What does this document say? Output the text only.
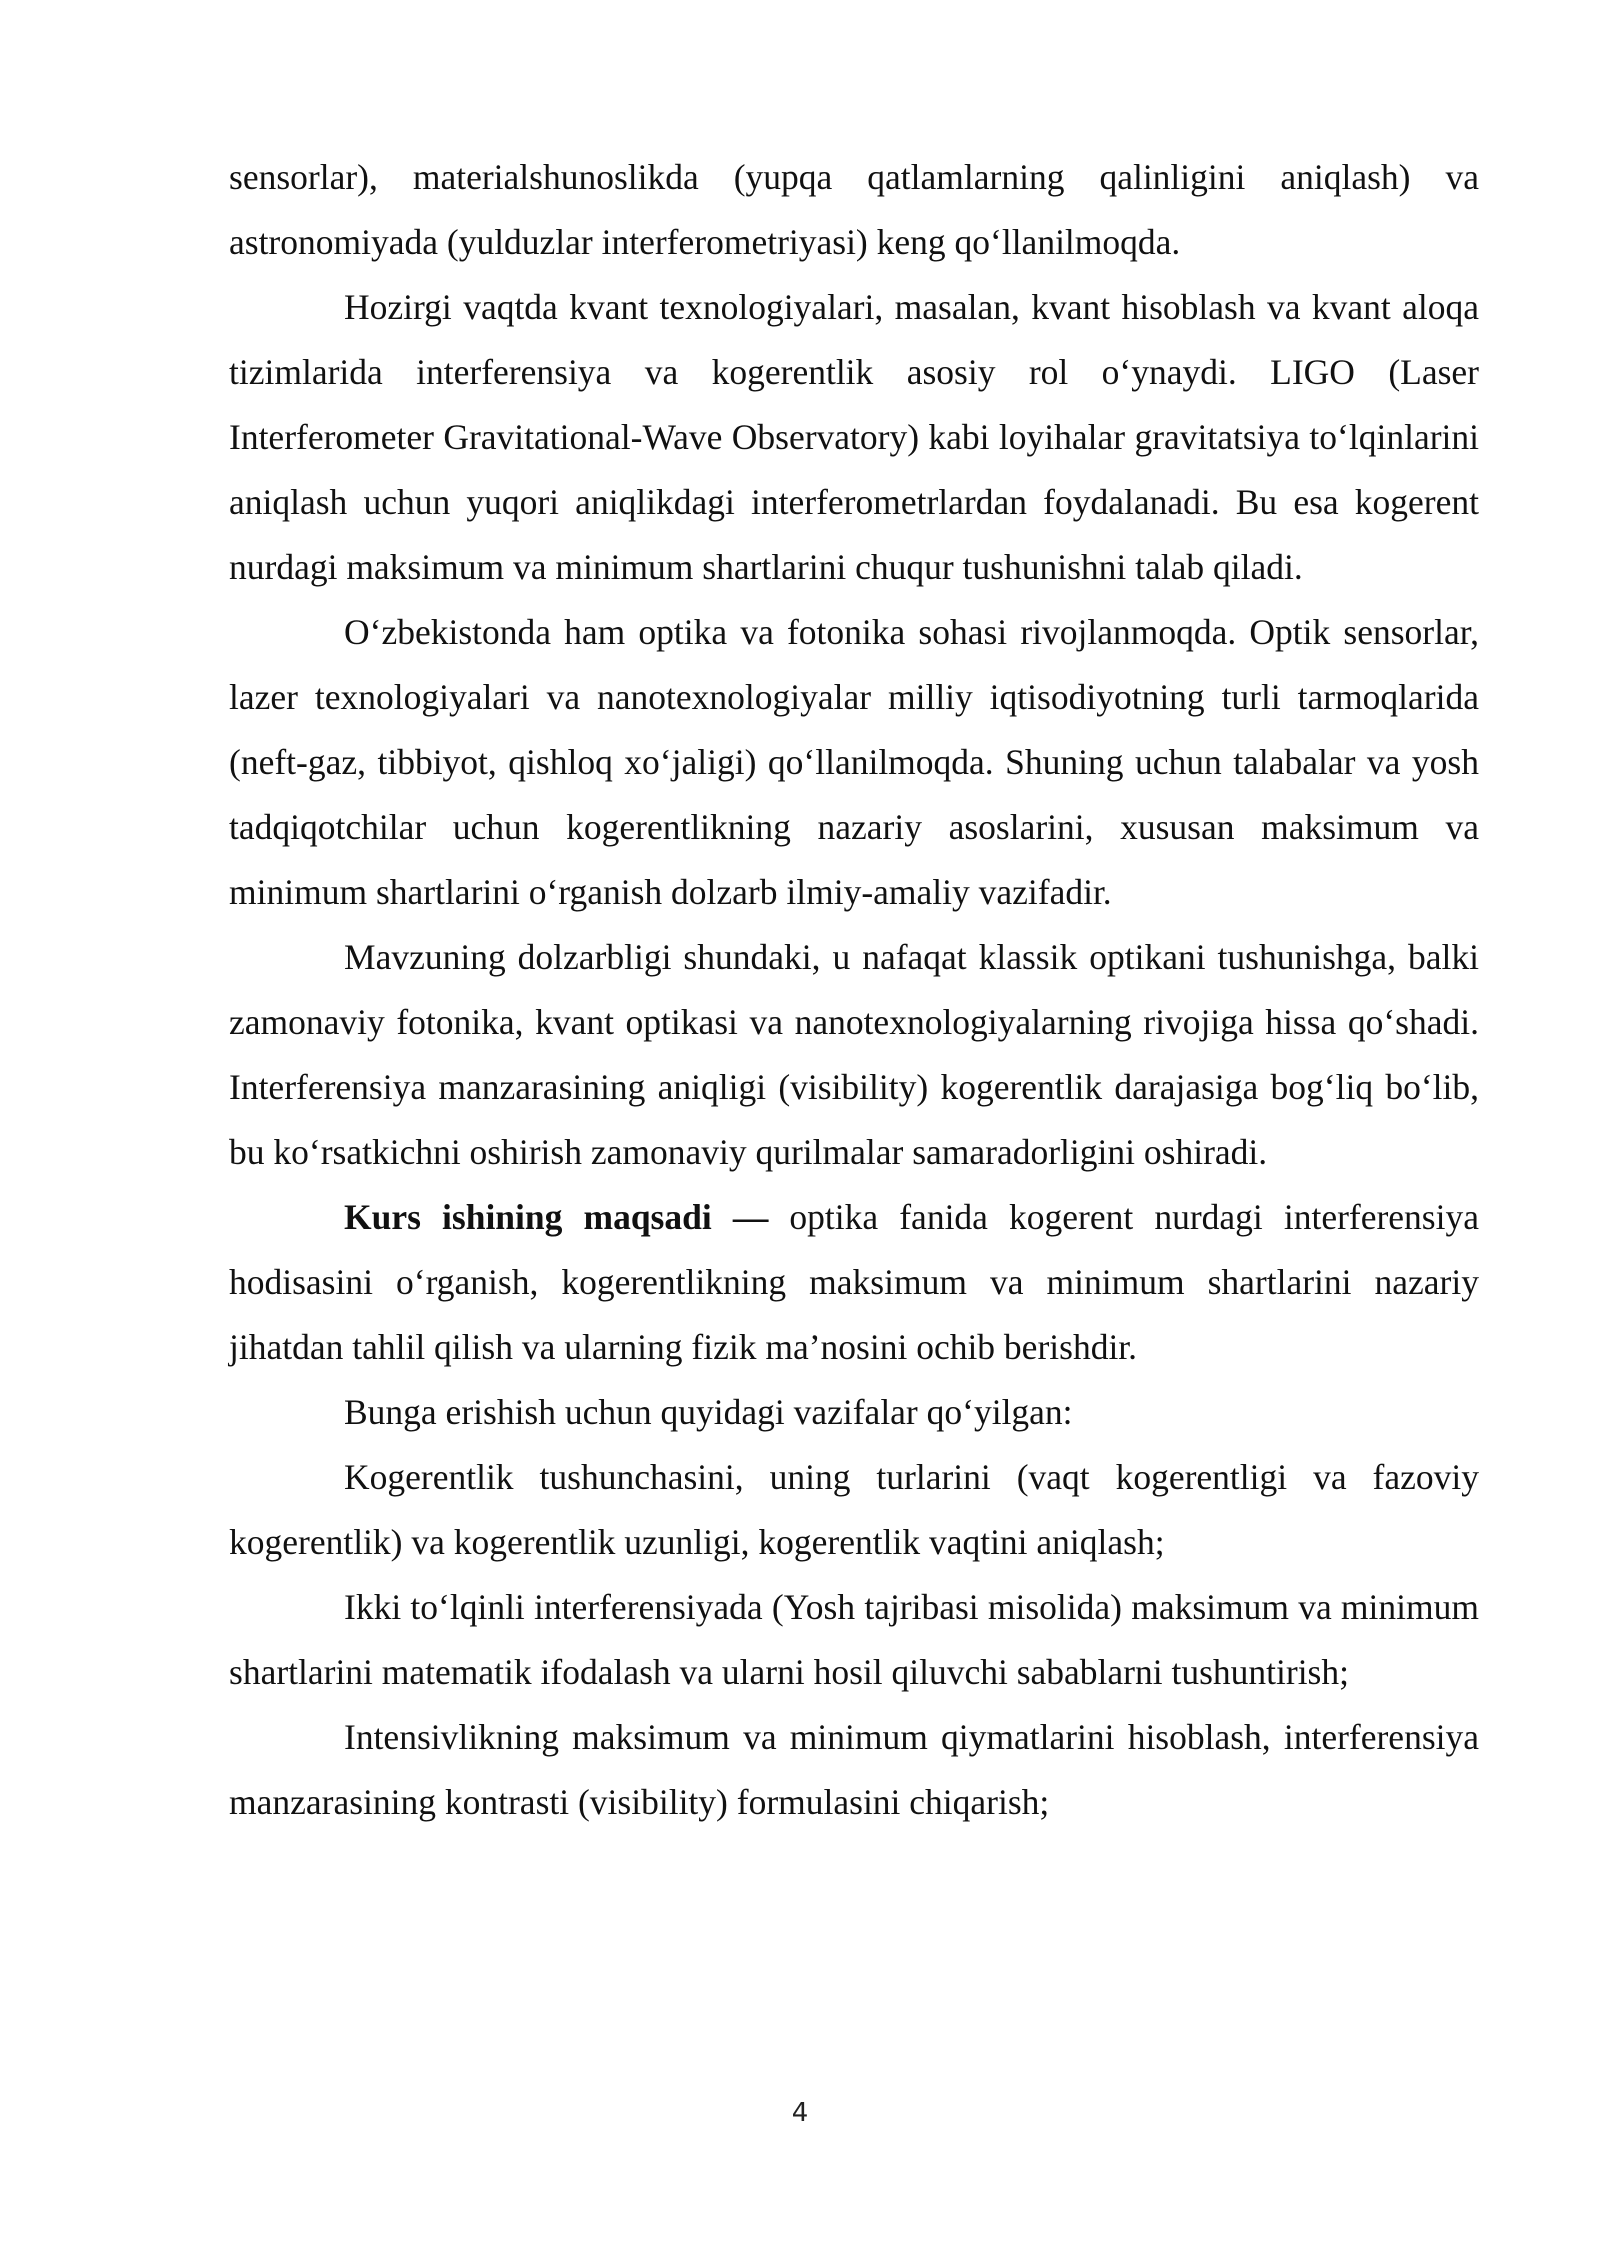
sensorlar), materialshunoslikda (yupqa qatlamlarning qalinligini aniqlash) va astronomiyada (yulduzlar interferometriyasi) keng qo‘llanilmoqda.

Hozirgi vaqtda kvant texnologiyalari, masalan, kvant hisoblash va kvant aloqa tizimlarida interferensiya va kogerentlik asosiy rol o‘ynaydi. LIGO (Laser Interferometer Gravitational-Wave Observatory) kabi loyihalar gravitatsiya to‘lqinlarini aniqlash uchun yuqori aniqlikdagi interferometrlardan foydalanadi. Bu esa kogerent nurdagi maksimum va minimum shartlarini chuqur tushunishni talab qiladi.

O‘zbekistonda ham optika va fotonika sohasi rivojlanmoqda. Optik sensorlar, lazer texnologiyalari va nanotexnologiyalar milliy iqtisodiyotning turli tarmoqlarida (neft-gaz, tibbiyot, qishloq xo‘jaligi) qo‘llanilmoqda. Shuning uchun talabalar va yosh tadqiqotchilar uchun kogerentlikning nazariy asoslarini, xususan maksimum va minimum shartlarini o‘rganish dolzarb ilmiy-amaliy vazifadir.

Mavzuning dolzarbligi shundaki, u nafaqat klassik optikani tushunishga, balki zamonaviy fotonika, kvant optikasi va nanotexnologiyalarning rivojiga hissa qo‘shadi. Interferensiya manzarasining aniqligi (visibility) kogerentlik darajasiga bog‘liq bo‘lib, bu ko‘rsatkichni oshirish zamonaviy qurilmalar samaradorligini oshiradi.

Kurs ishining maqsadi — optika fanida kogerent nurdagi interferensiya hodisasini o‘rganish, kogerentlikning maksimum va minimum shartlarini nazariy jihatdan tahlil qilish va ularning fizik ma’nosini ochib berishdir.

Bunga erishish uchun quyidagi vazifalar qo‘yilgan:

Kogerentlik tushunchasini, uning turlarini (vaqt kogerentligi va fazoviy kogerentlik) va kogerentlik uzunligi, kogerentlik vaqtini aniqlash;

Ikki to‘lqinli interferensiyada (Yosh tajribasi misolida) maksimum va minimum shartlarini matematik ifodalash va ularni hosil qiluvchi sabablarni tushuntirish;

Intensivlikning maksimum va minimum qiymatlarini hisoblash, interferensiya manzarasining kontrasti (visibility) formulasini chiqarish;

4
